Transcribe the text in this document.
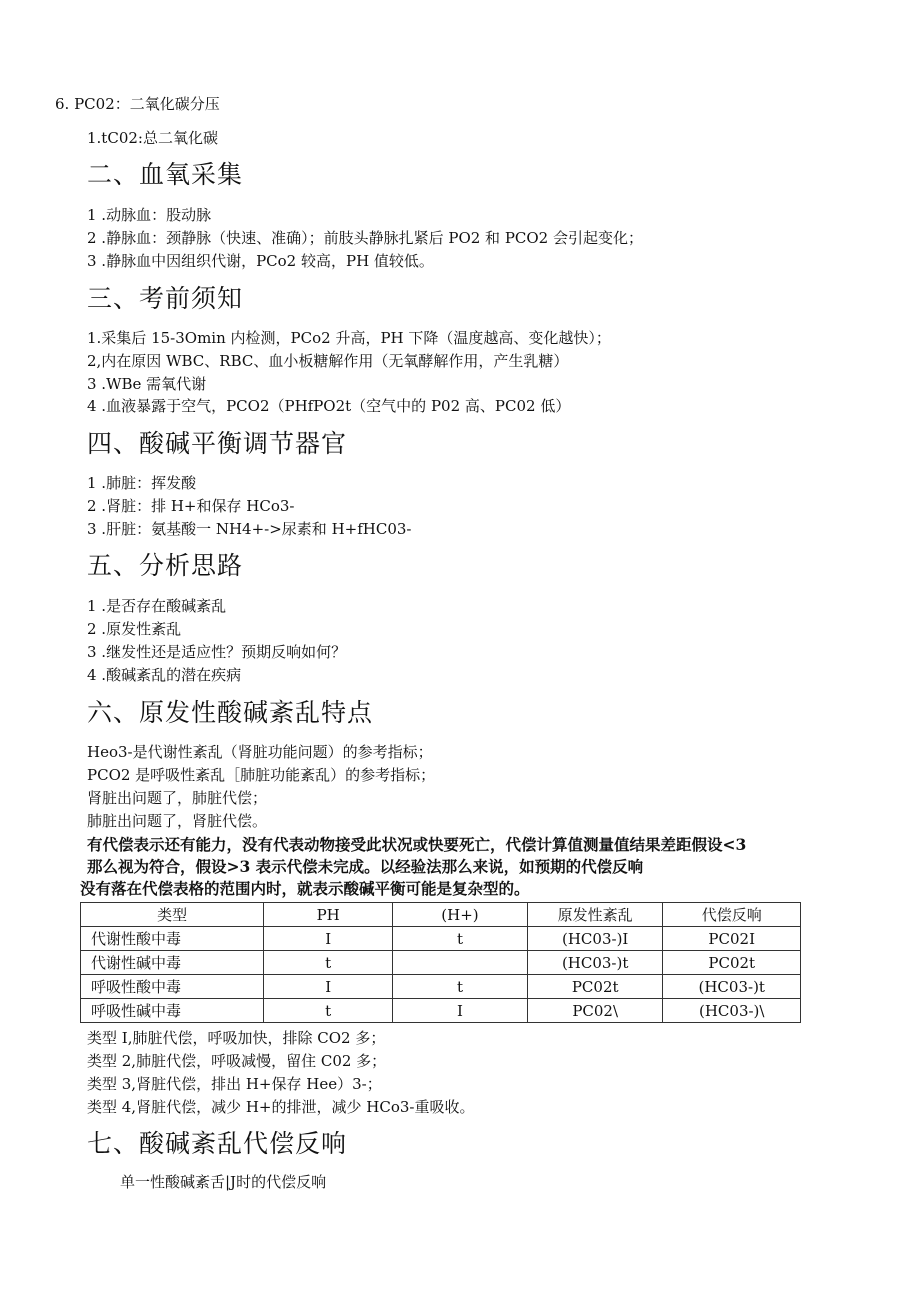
6. PC02：二氧化碳分压
1.tC02:总二氧化碳
二、血氧采集
1 .动脉血：股动脉
2 .静脉血：颈静脉（快速、准确）；前肢头静脉扎紧后 PO2 和 PCO2 会引起变化；
3 .静脉血中因组织代谢，PCo2 较高，PH 值较低。
三、考前须知
1.采集后 15-3Omin 内检测，PCo2 升高，PH 下降（温度越高、变化越快）；
2,内在原因 WBC、RBC、血小板糖解作用（无氧酵解作用，产生乳糖）
3 .WBe 需氧代谢
4 .血液暴露于空气，PCO2（PHfPO2t（空气中的 P02 高、PC02 低）
四、酸碱平衡调节器官
1 .肺脏：挥发酸
2 .肾脏：排 H+和保存 HCo3-
3 .肝脏：氨基酸一 NH4+->尿素和 H+fHC03-
五、分析思路
1 .是否存在酸碱紊乱
2 .原发性紊乱
3 .继发性还是适应性？预期反响如何？
4 .酸碱紊乱的潜在疾病
六、原发性酸碱紊乱特点
Heo3-是代谢性紊乱（肾脏功能问题）的参考指标；
PCO2 是呼吸性紊乱［肺脏功能紊乱）的参考指标；
肾脏出问题了，肺脏代偿；
肺脏出问题了，肾脏代偿。
有代偿表示还有能力，没有代表动物接受此状况或快要死亡，代偿计算值测量值结果差距假设<3
那么视为符合，假设>3 表示代偿未完成。以经验法那么来说，如预期的代偿反响
没有落在代偿表格的范围内时，就表示酸碱平衡可能是复杂型的。
类型	PH	(H+)	原发性紊乱	代偿反响
代谢性酸中毒	I	t	(HC03-)I	PC02I
代谢性碱中毒	t		(HC03-)t	PC02t
呼吸性酸中毒	I	t	PC02t	(HC03-)t
呼吸性碱中毒	t	I	PC02\	(HC03-)\
类型 I,肺脏代偿，呼吸加快，排除 CO2 多；
类型 2,肺脏代偿，呼吸减慢，留住 C02 多；
类型 3,肾脏代偿，排出 H+保存 Hee）3-；
类型 4,肾脏代偿，减少 H+的排泄，减少 HCo3-重吸收。
七、酸碱紊乱代偿反响
单一性酸碱紊舌|J时的代偿反响
